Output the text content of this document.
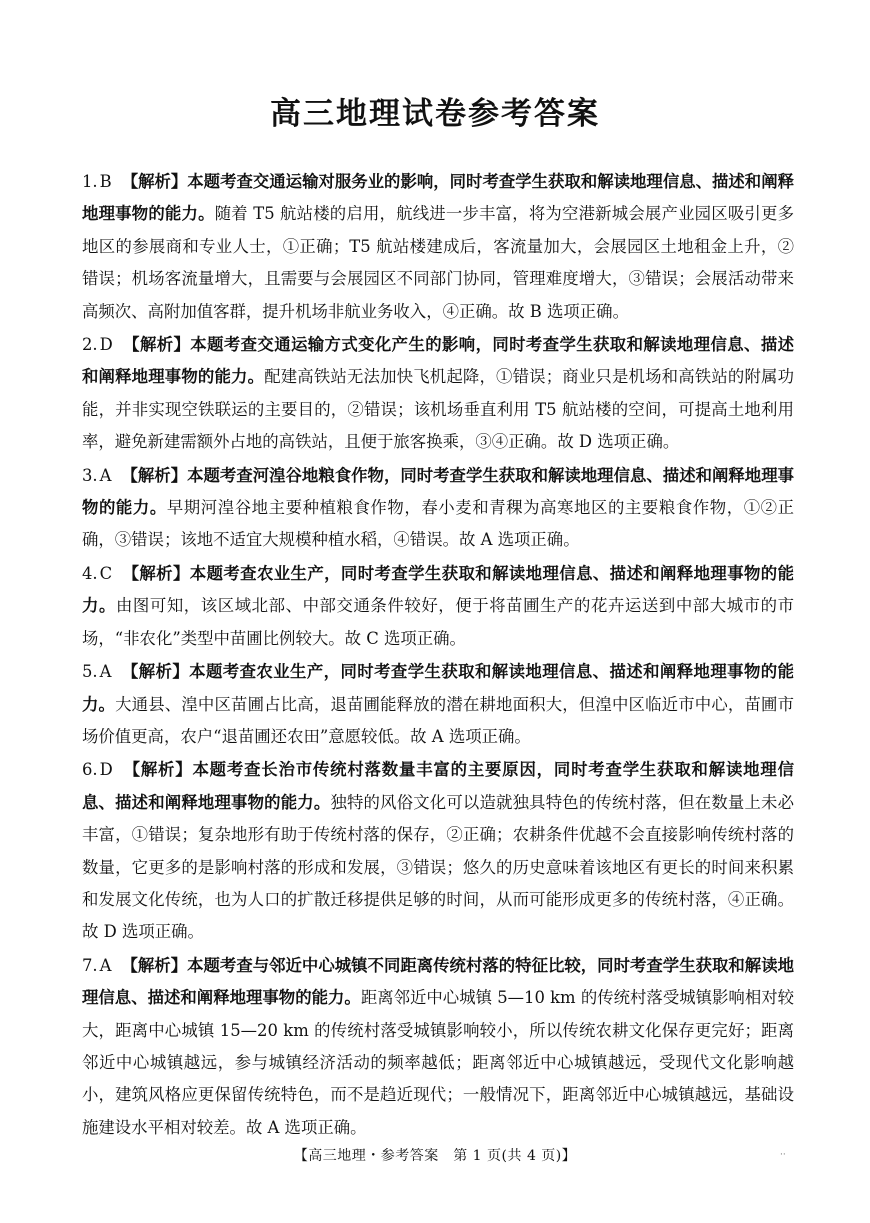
高三地理试卷参考答案

1. B 【解析】本题考查交通运输对服务业的影响，同时考查学生获取和解读地理信息、描述和阐释地理事物的能力。随着 T5 航站楼的启用，航线进一步丰富，将为空港新城会展产业园区吸引更多地区的参展商和专业人士，①正确；T5 航站楼建成后，客流量加大，会展园区土地租金上升，②错误；机场客流量增大，且需要与会展园区不同部门协同，管理难度增大，③错误；会展活动带来高频次、高附加值客群，提升机场非航业务收入，④正确。故 B 选项正确。

2. D 【解析】本题考查交通运输方式变化产生的影响，同时考查学生获取和解读地理信息、描述和阐释地理事物的能力。配建高铁站无法加快飞机起降，①错误；商业只是机场和高铁站的附属功能，并非实现空铁联运的主要目的，②错误；该机场垂直利用 T5 航站楼的空间，可提高土地利用率，避免新建需额外占地的高铁站，且便于旅客换乘，③④正确。故 D 选项正确。

3. A 【解析】本题考查河湟谷地粮食作物，同时考查学生获取和解读地理信息、描述和阐释地理事物的能力。早期河湟谷地主要种植粮食作物，春小麦和青稞为高寒地区的主要粮食作物，①②正确，③错误；该地不适宜大规模种植水稻，④错误。故 A 选项正确。

4. C 【解析】本题考查农业生产，同时考查学生获取和解读地理信息、描述和阐释地理事物的能力。由图可知，该区域北部、中部交通条件较好，便于将苗圃生产的花卉运送到中部大城市的市场，“非农化”类型中苗圃比例较大。故 C 选项正确。

5. A 【解析】本题考查农业生产，同时考查学生获取和解读地理信息、描述和阐释地理事物的能力。大通县、湟中区苗圃占比高，退苗圃能释放的潜在耕地面积大，但湟中区临近市中心，苗圃市场价值更高，农户“退苗圃还农田”意愿较低。故 A 选项正确。

6. D 【解析】本题考查长治市传统村落数量丰富的主要原因，同时考查学生获取和解读地理信息、描述和阐释地理事物的能力。独特的风俗文化可以造就独具特色的传统村落，但在数量上未必丰富，①错误；复杂地形有助于传统村落的保存，②正确；农耕条件优越不会直接影响传统村落的数量，它更多的是影响村落的形成和发展，③错误；悠久的历史意味着该地区有更长的时间来积累和发展文化传统，也为人口的扩散迁移提供足够的时间，从而可能形成更多的传统村落，④正确。故 D 选项正确。

7. A 【解析】本题考查与邻近中心城镇不同距离传统村落的特征比较，同时考查学生获取和解读地理信息、描述和阐释地理事物的能力。距离邻近中心城镇 5—10 km 的传统村落受城镇影响相对较大，距离中心城镇 15—20 km 的传统村落受城镇影响较小，所以传统农耕文化保存更完好；距离邻近中心城镇越远，参与城镇经济活动的频率越低；距离邻近中心城镇越远，受现代文化影响越小，建筑风格应更保留传统特色，而不是趋近现代；一般情况下，距离邻近中心城镇越远，基础设施建设水平相对较差。故 A 选项正确。

【高三地理・参考答案　第 1 页(共 4 页)】	··
